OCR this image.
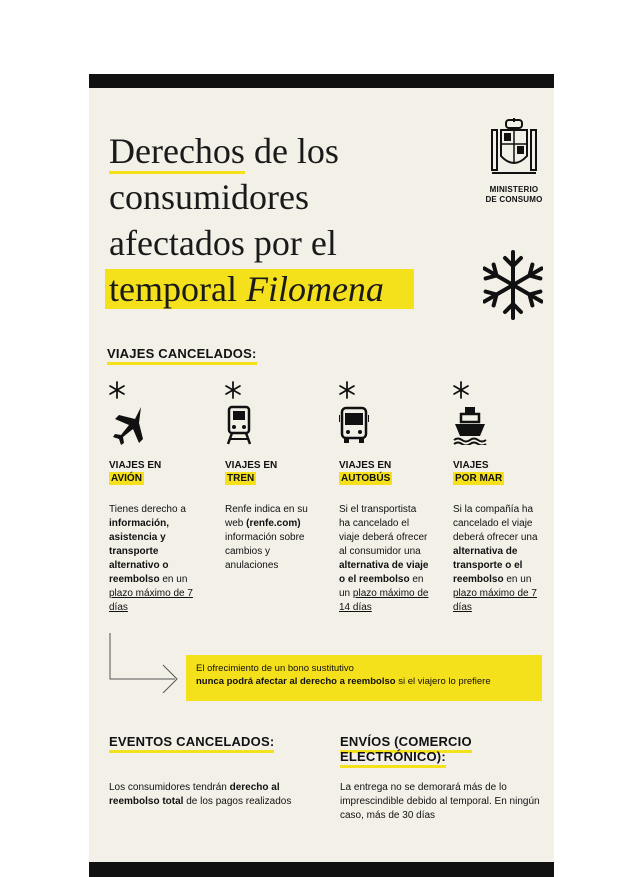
Derechos de los
consumidores
afectados por el
temporal Filomena
MINISTERIO
DE CONSUMO
VIAJES CANCELADOS:
VIAJES EN
AVIÓN
Tienes derecho a información, asistencia y transporte alternativo o reembolso en un plazo máximo de 7 días
VIAJES EN
TREN
Renfe indica en su web (renfe.com) información sobre cambios y anulaciones
VIAJES EN
AUTOBÚS
Si el transportista ha cancelado el viaje deberá ofrecer al consumidor una alternativa de viaje o el reembolso en un plazo máximo de 14 días
VIAJES
POR MAR
Si la compañía ha cancelado el viaje deberá ofrecer una alternativa de transporte o el reembolso en un plazo máximo de 7 días
El ofrecimiento de un bono sustitutivo
nunca podrá afectar al derecho a reembolso si el viajero lo prefiere
EVENTOS CANCELADOS:	ENVÍOS (COMERCIO ELECTRÓNICO):
Los consumidores tendrán derecho al reembolso total de los pagos realizados
La entrega no se demorará más de lo imprescindible debido al temporal. En ningún caso, más de 30 días
